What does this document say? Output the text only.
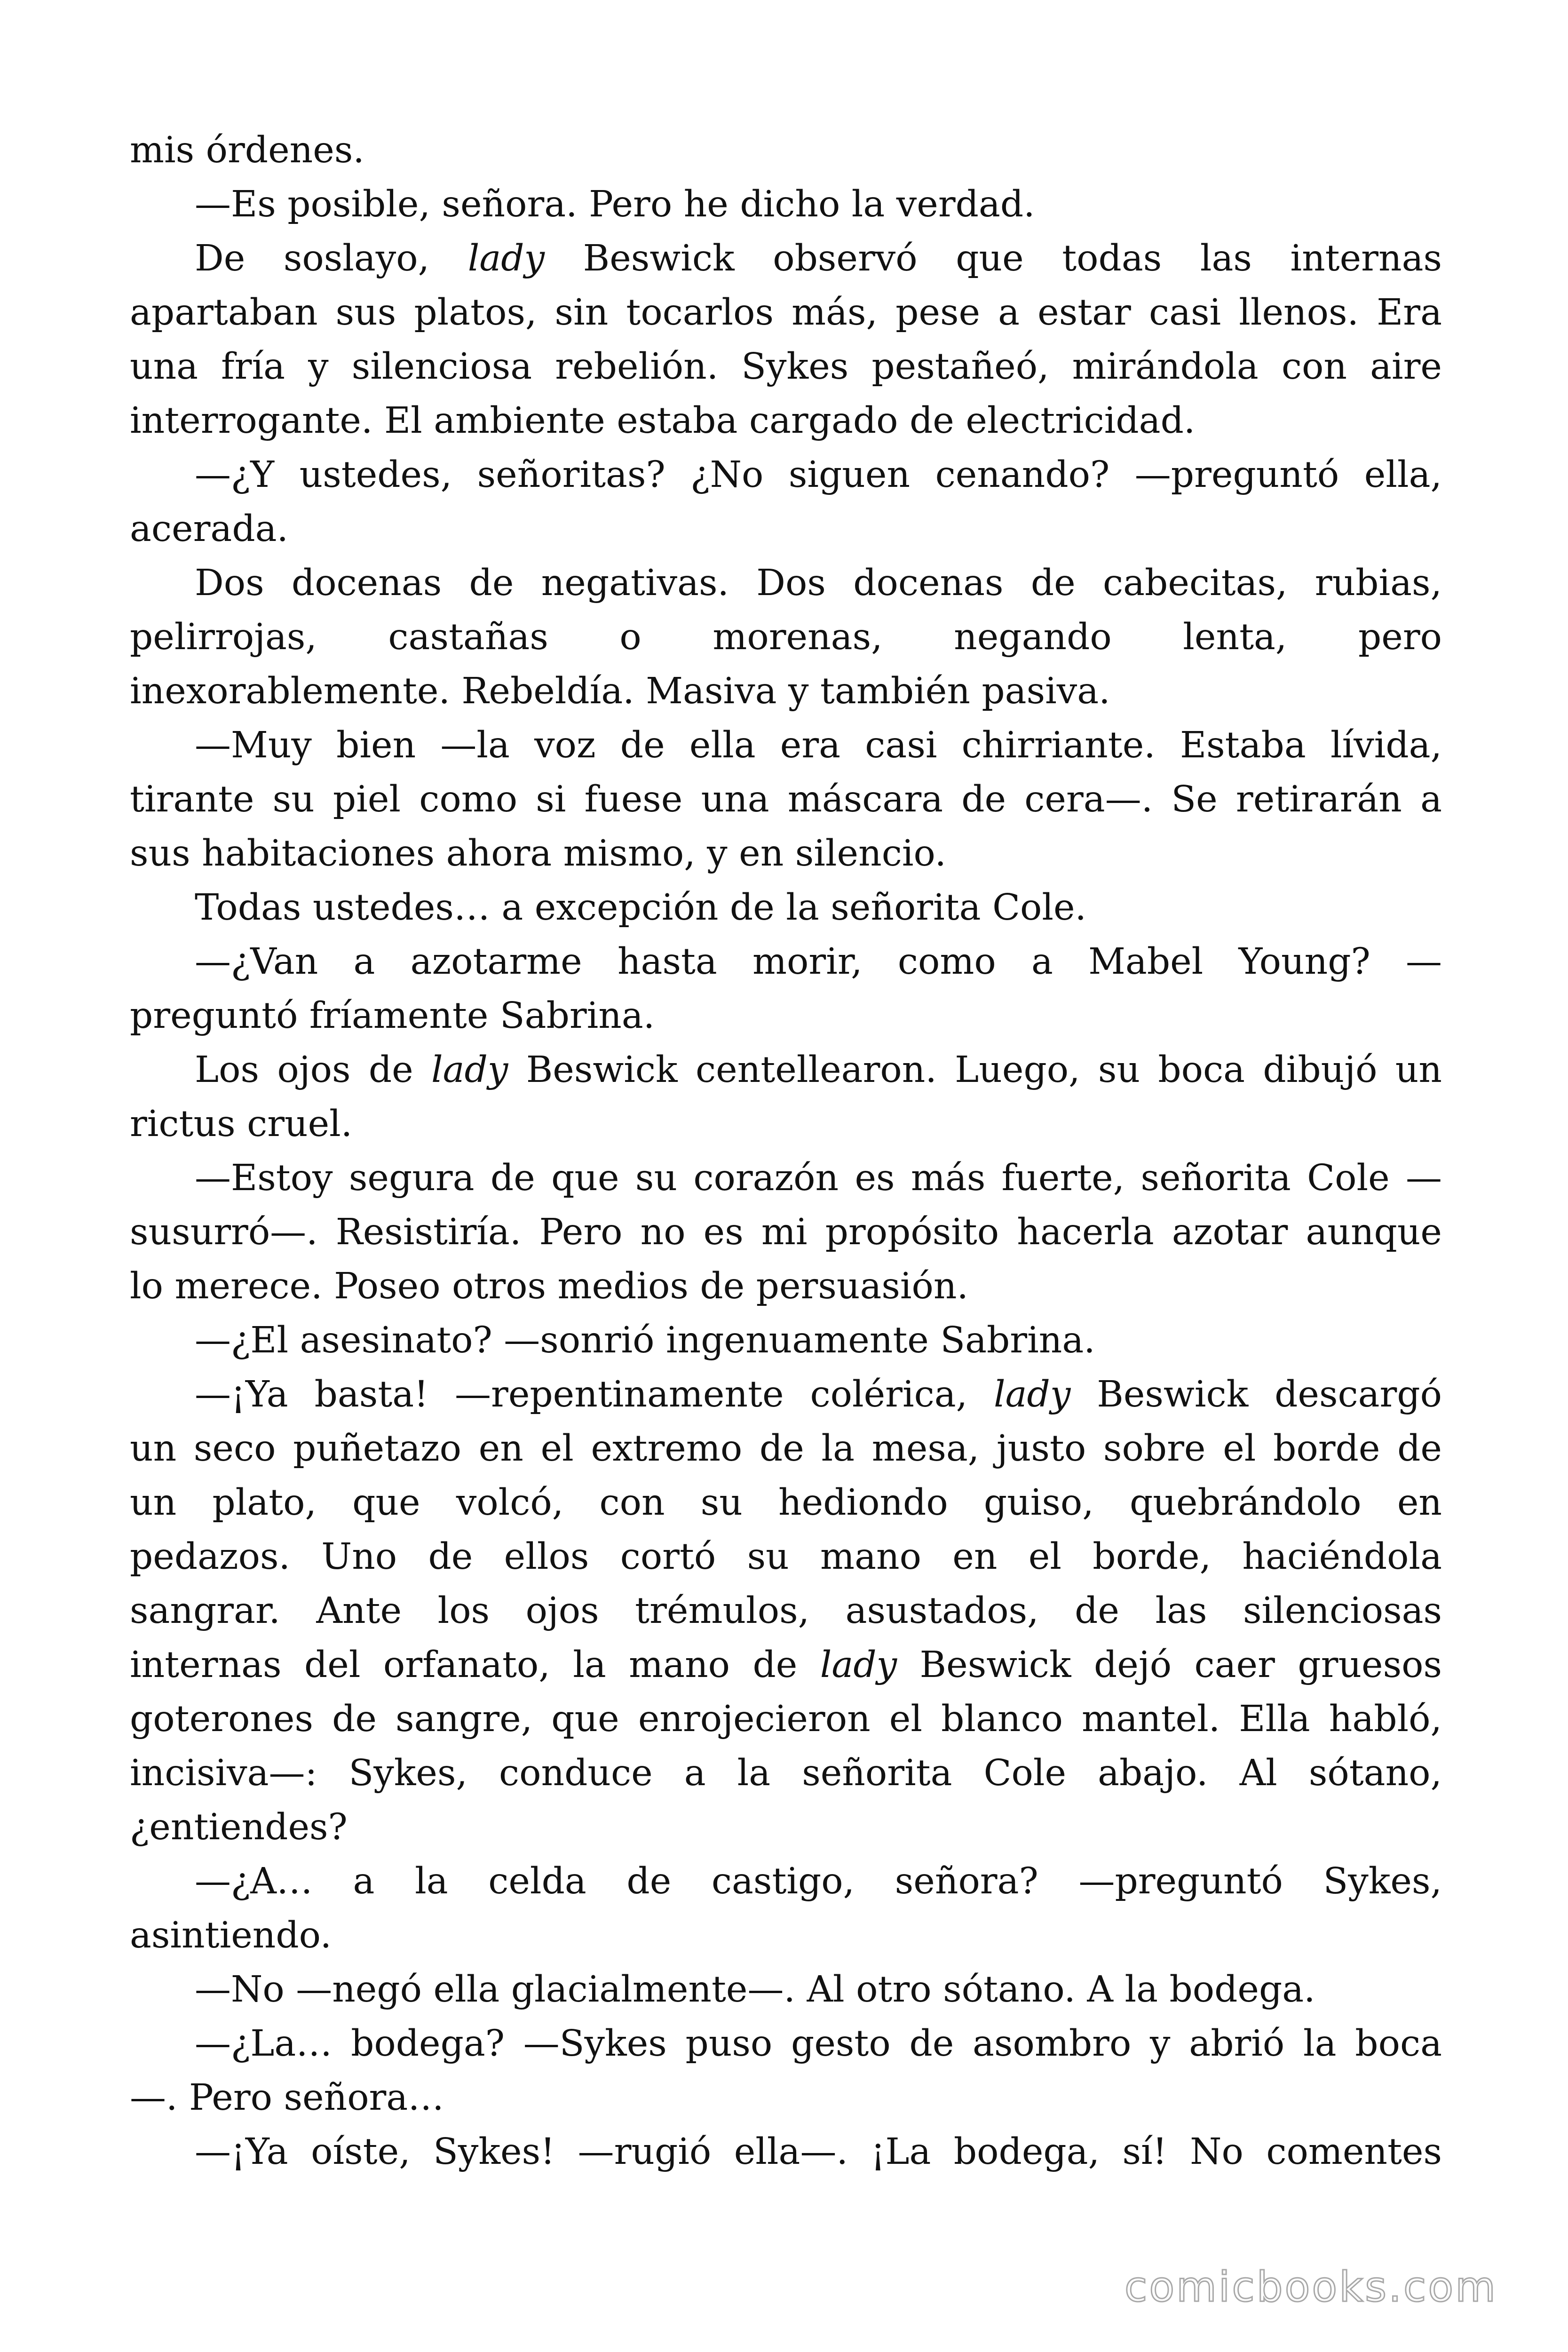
mis órdenes.
—Es posible, señora. Pero he dicho la verdad.
De soslayo, lady Beswick observó que todas las internas
apartaban sus platos, sin tocarlos más, pese a estar casi llenos. Era
una fría y silenciosa rebelión. Sykes pestañeó, mirándola con aire
interrogante. El ambiente estaba cargado de electricidad.
—¿Y ustedes, señoritas? ¿No siguen cenando? —preguntó ella,
acerada.
Dos docenas de negativas. Dos docenas de cabecitas, rubias,
pelirrojas, castañas o morenas, negando lenta, pero
inexorablemente. Rebeldía. Masiva y también pasiva.
—Muy bien —la voz de ella era casi chirriante. Estaba lívida,
tirante su piel como si fuese una máscara de cera—. Se retirarán a
sus habitaciones ahora mismo, y en silencio.
Todas ustedes… a excepción de la señorita Cole.
—¿Van a azotarme hasta morir, como a Mabel Young? —
preguntó fríamente Sabrina.
Los ojos de lady Beswick centellearon. Luego, su boca dibujó un
rictus cruel.
—Estoy segura de que su corazón es más fuerte, señorita Cole —
susurró—. Resistiría. Pero no es mi propósito hacerla azotar aunque
lo merece. Poseo otros medios de persuasión.
—¿El asesinato? —sonrió ingenuamente Sabrina.
—¡Ya basta! —repentinamente colérica, lady Beswick descargó
un seco puñetazo en el extremo de la mesa, justo sobre el borde de
un plato, que volcó, con su hediondo guiso, quebrándolo en
pedazos. Uno de ellos cortó su mano en el borde, haciéndola
sangrar. Ante los ojos trémulos, asustados, de las silenciosas
internas del orfanato, la mano de lady Beswick dejó caer gruesos
goterones de sangre, que enrojecieron el blanco mantel. Ella habló,
incisiva—: Sykes, conduce a la señorita Cole abajo. Al sótano,
¿entiendes?
—¿A… a la celda de castigo, señora? —preguntó Sykes,
asintiendo.
—No —negó ella glacialmente—. Al otro sótano. A la bodega.
—¿La… bodega? —Sykes puso gesto de asombro y abrió la boca
—. Pero señora…
—¡Ya oíste, Sykes! —rugió ella—. ¡La bodega, sí! No comentes
comicbooks.com
